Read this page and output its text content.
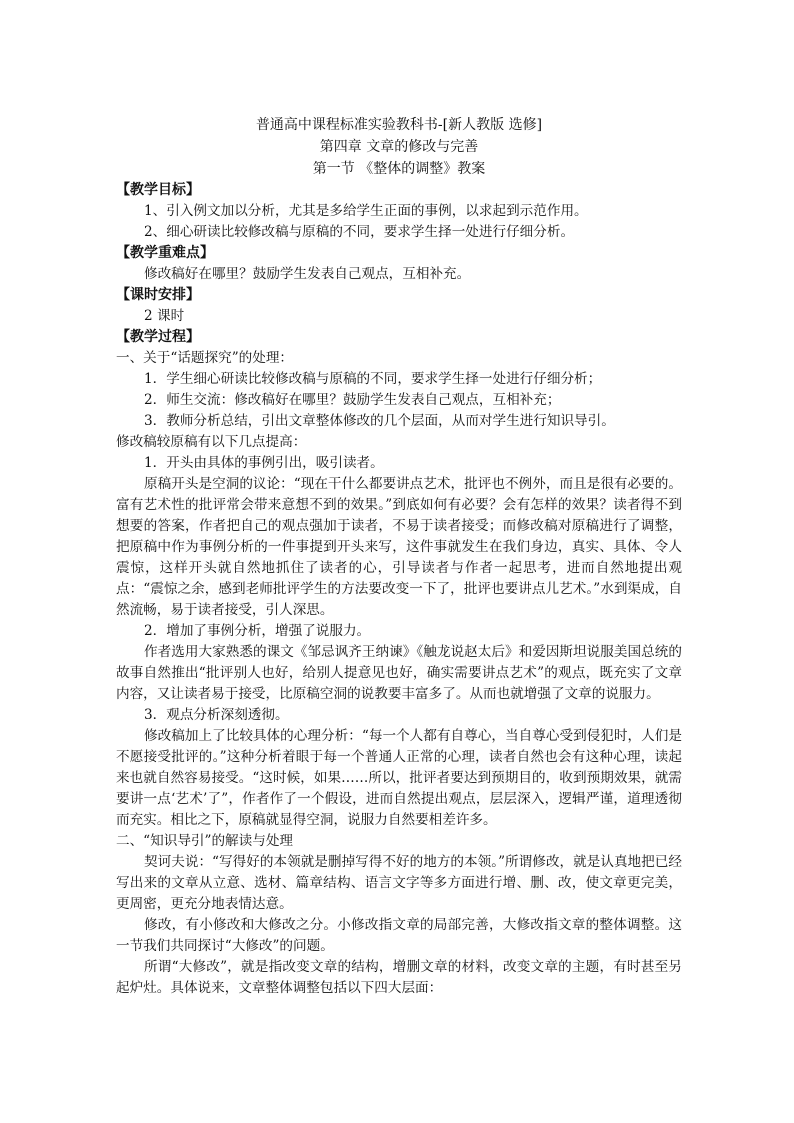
普通高中课程标准实验教科书-[新人教版 选修]
第四章 文章的修改与完善
第一节 《整体的调整》教案
【教学目标】

1、引入例文加以分析，尤其是多给学生正面的事例，以求起到示范作用。

2、细心研读比较修改稿与原稿的不同，要求学生择一处进行仔细分析。

【教学重难点】

修改稿好在哪里？鼓励学生发表自己观点，互相补充。

【课时安排】

2 课时

【教学过程】

一、关于“话题探究”的处理：

1．学生细心研读比较修改稿与原稿的不同，要求学生择一处进行仔细分析；

2．师生交流：修改稿好在哪里？鼓励学生发表自己观点，互相补充；

3．教师分析总结，引出文章整体修改的几个层面，从而对学生进行知识导引。

修改稿较原稿有以下几点提高：

1．开头由具体的事例引出，吸引读者。

原稿开头是空洞的议论：“现在干什么都要讲点艺术，批评也不例外，而且是很有必要的。富有艺术性的批评常会带来意想不到的效果。”到底如何有必要？会有怎样的效果？读者得不到想要的答案，作者把自己的观点强加于读者，不易于读者接受；而修改稿对原稿进行了调整，把原稿中作为事例分析的一件事提到开头来写，这件事就发生在我们身边，真实、具体、令人震惊，这样开头就自然地抓住了读者的心，引导读者与作者一起思考，进而自然地提出观点：“震惊之余，感到老师批评学生的方法要改变一下了，批评也要讲点儿艺术。”水到渠成，自然流畅，易于读者接受，引人深思。

2．增加了事例分析，增强了说服力。

作者选用大家熟悉的课文《邹忌讽齐王纳谏》《触龙说赵太后》和爱因斯坦说服美国总统的故事自然推出“批评别人也好，给别人提意见也好，确实需要讲点艺术”的观点，既充实了文章内容，又让读者易于接受，比原稿空洞的说教要丰富多了。从而也就增强了文章的说服力。

3．观点分析深刻透彻。

修改稿加上了比较具体的心理分析：“每一个人都有自尊心，当自尊心受到侵犯时，人们是不愿接受批评的。”这种分析着眼于每一个普通人正常的心理，读者自然也会有这种心理，读起来也就自然容易接受。“这时候，如果……所以，批评者要达到预期目的，收到预期效果，就需要讲一点‘艺术’了”，作者作了一个假设，进而自然提出观点，层层深入，逻辑严谨，道理透彻而充实。相比之下，原稿就显得空洞，说服力自然要相差许多。

二、“知识导引”的解读与处理

契诃夫说：“写得好的本领就是删掉写得不好的地方的本领。”所谓修改，就是认真地把已经写出来的文章从立意、选材、篇章结构、语言文字等多方面进行增、删、改，使文章更完美，更周密，更充分地表情达意。

修改，有小修改和大修改之分。小修改指文章的局部完善，大修改指文章的整体调整。这一节我们共同探讨“大修改”的问题。

所谓“大修改”，就是指改变文章的结构，增删文章的材料，改变文章的主题，有时甚至另起炉灶。具体说来，文章整体调整包括以下四大层面：
